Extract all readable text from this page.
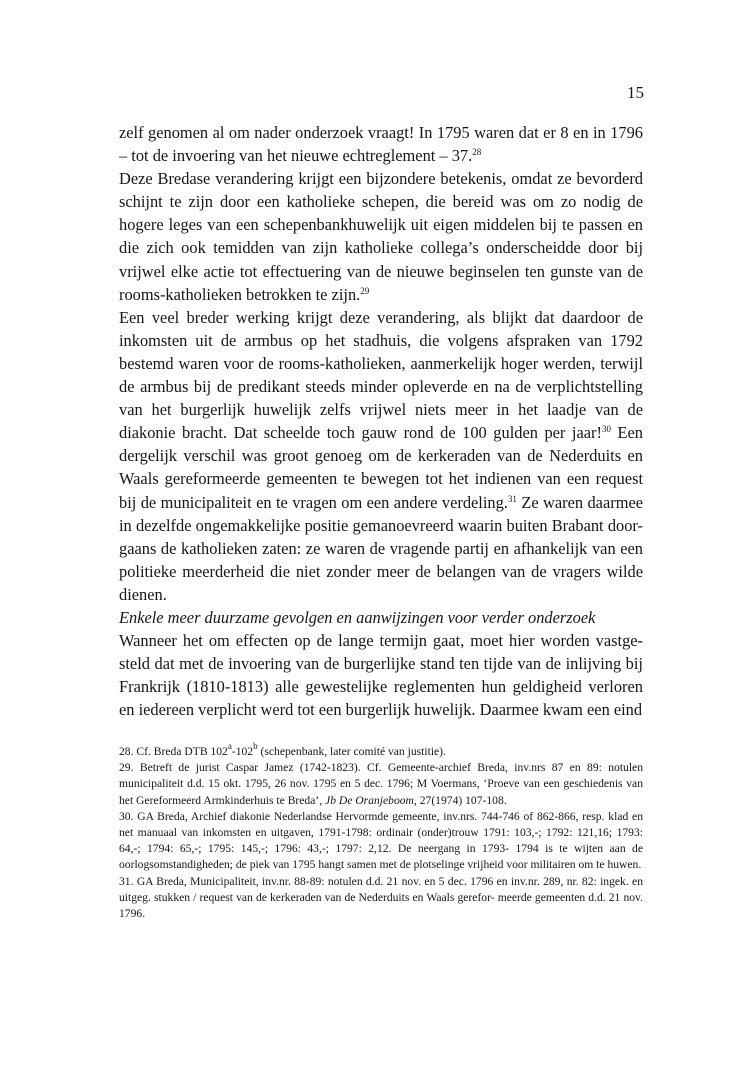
15

zelf genomen al om nader onderzoek vraagt! In 1795 waren dat er 8 en in 1796 – tot de invoering van het nieuwe echtreglement – 37.28

Deze Bredase verandering krijgt een bijzondere betekenis, omdat ze bevorderd schijnt te zijn door een katholieke schepen, die bereid was om zo nodig de hogere leges van een schepenbankhuwelijk uit eigen middelen bij te passen en die zich ook temidden van zijn katholieke collega’s onderscheidde door bij vrijwel elke actie tot effectuering van de nieuwe beginselen ten gunste van de rooms-katholieken betrokken te zijn.$^{29}$

Een veel breder werking krijgt deze verandering, als blijkt dat daardoor de inkomsten uit de armbus op het stadhuis, die volgens afspraken van 1792 bestemd waren voor de rooms-katholieken, aanmerkelijk hoger werden, terwijl de armbus bij de predikant steeds minder opleverde en na de verplichtstelling van het burgerlijk huwelijk zelfs vrijwel niets meer in het laadje van de diakonie bracht. Dat scheelde toch gauw rond de 100 gulden per jaar!$^{30}$ Een dergelijk verschil was groot genoeg om de kerkeraden van de Nederduits en Waals gereformeerde gemeenten te bewegen tot het indienen van een request bij de municipaliteit en te vragen om een andere verdeling.$^{31}$ Ze waren daarmee in dezelfde ongemakkelijke positie gemanoevreerd waarin buiten Brabant door- gaans de katholieken zaten: ze waren de vragende partij en afhankelijk van een politieke meerderheid die niet zonder meer de belangen van de vragers wilde dienen.

Enkele meer duurzame gevolgen en aanwijzingen voor verder onderzoek

Wanneer het om effecten op de lange termijn gaat, moet hier worden vastge- steld dat met de invoering van de burgerlijke stand ten tijde van de inlijving bij Frankrijk (1810-1813) alle gewestelijke reglementen hun geldigheid verloren en iedereen verplicht werd tot een burgerlijk huwelijk. Daarmee kwam een eind

28. Cf. Breda DTB 102$^a$-102$^b$ (schepenbank, later comité van justitie).

29. Betreft de jurist Caspar Jamez (1742-1823). Cf. Gemeente-archief Breda, inv.nrs 87 en 89: notulen municipaliteit d.d. 15 okt. 1795, 26 nov. 1795 en 5 dec. 1796; M Voermans, ‘Proeve van een geschiedenis van het Gereformeerd Armkinderhuis te Breda’, Jb De Oranjeboom, 27(1974) 107-108.

30. GA Breda, Archief diakonie Nederlandse Hervormde gemeente, inv.nrs. 744-746 of 862-866, resp. klad en net manuaal van inkomsten en uitgaven, 1791-1798: ordinair (onder)trouw 1791: 103,-; 1792: 121,16; 1793: 64,-; 1794: 65,-; 1795: 145,-; 1796: 43,-; 1797: 2,12. De neergang in 1793- 1794 is te wijten aan de oorlogsomstandigheden; de piek van 1795 hangt samen met de plotselinge vrijheid voor militairen om te huwen.

31. GA Breda, Municipaliteit, inv.nr. 88-89: notulen d.d. 21 nov. en 5 dec. 1796 en inv.nr. 289, nr. 82: ingek. en uitgeg. stukken / request van de kerkeraden van de Nederduits en Waals gerefor- meerde gemeenten d.d. 21 nov. 1796.
